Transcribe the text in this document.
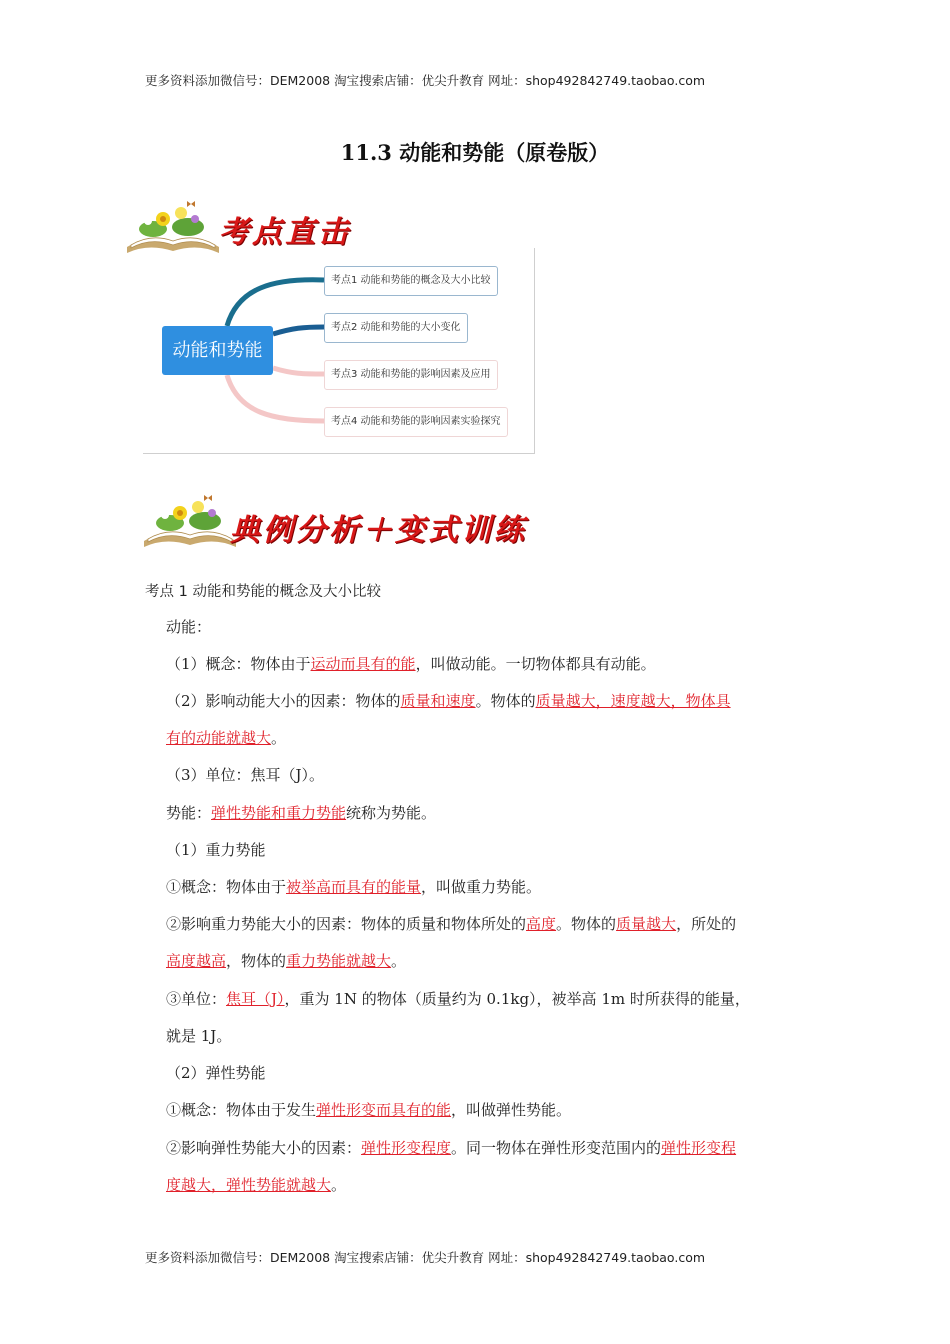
更多资料添加微信号：DEM2008 淘宝搜索店铺：优尖升教育 网址：shop492842749.taobao.com
11.3 动能和势能（原卷版）
考点直击
动能和势能
考点1 动能和势能的概念及大小比较
考点2 动能和势能的大小变化
考点3 动能和势能的影响因素及应用
考点4 动能和势能的影响因素实验探究
典例分析＋变式训练
考点 1 动能和势能的概念及大小比较
动能：
（1）概念：物体由于运动而具有的能，叫做动能。一切物体都具有动能。
（2）影响动能大小的因素：物体的质量和速度。物体的质量越大，速度越大，物体具
有的动能就越大。
（3）单位：焦耳（J）。
势能：弹性势能和重力势能统称为势能。
（1）重力势能
①概念：物体由于被举高而具有的能量，叫做重力势能。
②影响重力势能大小的因素：物体的质量和物体所处的高度。物体的质量越大，所处的
高度越高，物体的重力势能就越大。
③单位：焦耳（J），重为 1N 的物体（质量约为 0.1kg），被举高 1m 时所获得的能量，
就是 1J。
（2）弹性势能
①概念：物体由于发生弹性形变而具有的能，叫做弹性势能。
②影响弹性势能大小的因素：弹性形变程度。同一物体在弹性形变范围内的弹性形变程
度越大，弹性势能就越大。
更多资料添加微信号：DEM2008 淘宝搜索店铺：优尖升教育 网址：shop492842749.taobao.com
